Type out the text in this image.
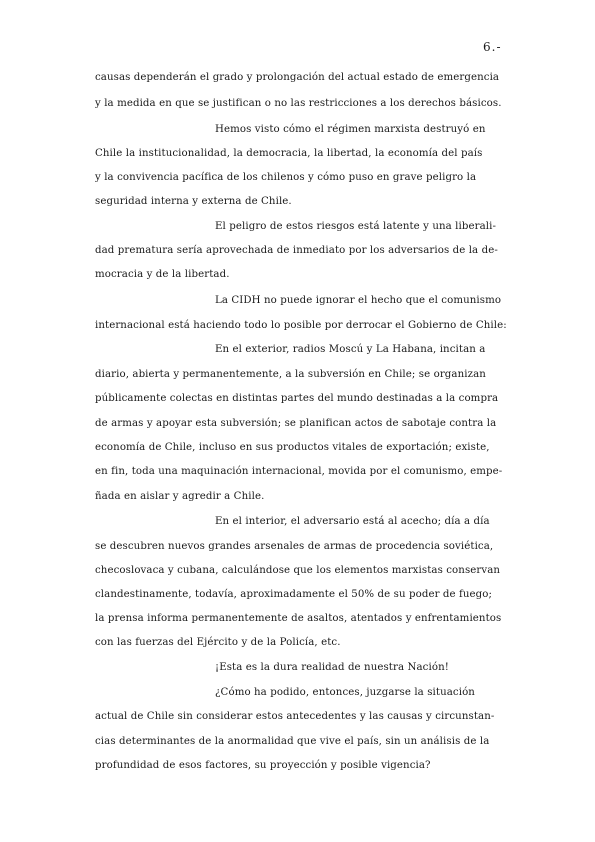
6.-
causas dependerán el grado y prolongación del actual estado de emergencia
y la medida en que se justifican o no las restricciones a los derechos básicos.
Hemos visto cómo el régimen marxista destruyó en
Chile la institucionalidad, la democracia, la libertad, la economía del país
y la convivencia pacífica de los chilenos y cómo puso en grave peligro la
seguridad interna y externa de Chile.
El peligro de estos riesgos está latente y una liberali-
dad prematura sería aprovechada de inmediato por los adversarios de la de-
mocracia y de la libertad.
La CIDH no puede ignorar el hecho que el comunismo
internacional está haciendo todo lo posible por derrocar el Gobierno de Chile:
En el exterior, radios Moscú y La Habana, incitan a
diario, abierta y permanentemente, a la subversión en Chile; se organizan
públicamente colectas en distintas partes del mundo destinadas a la compra
de armas y apoyar esta subversión; se planifican actos de sabotaje contra la
economía de Chile, incluso en sus productos vitales de exportación; existe,
en fin, toda una maquinación internacional, movida por el comunismo, empe-
ñada en aislar y agredir a Chile.
En el interior, el adversario está al acecho; día a día
se descubren nuevos grandes arsenales de armas de procedencia soviética,
checoslovaca y cubana, calculándose que los elementos marxistas conservan
clandestinamente, todavía, aproximadamente el 50% de su poder de fuego;
la prensa informa permanentemente de asaltos, atentados y enfrentamientos
con las fuerzas del Ejército y de la Policía, etc.
¡Esta es la dura realidad de nuestra Nación!
¿Cómo ha podido, entonces, juzgarse la situación
actual de Chile sin considerar estos antecedentes y las causas y circunstan-
cias determinantes de la anormalidad que vive el país, sin un análisis de la
profundidad de esos factores, su proyección y posible vigencia?
